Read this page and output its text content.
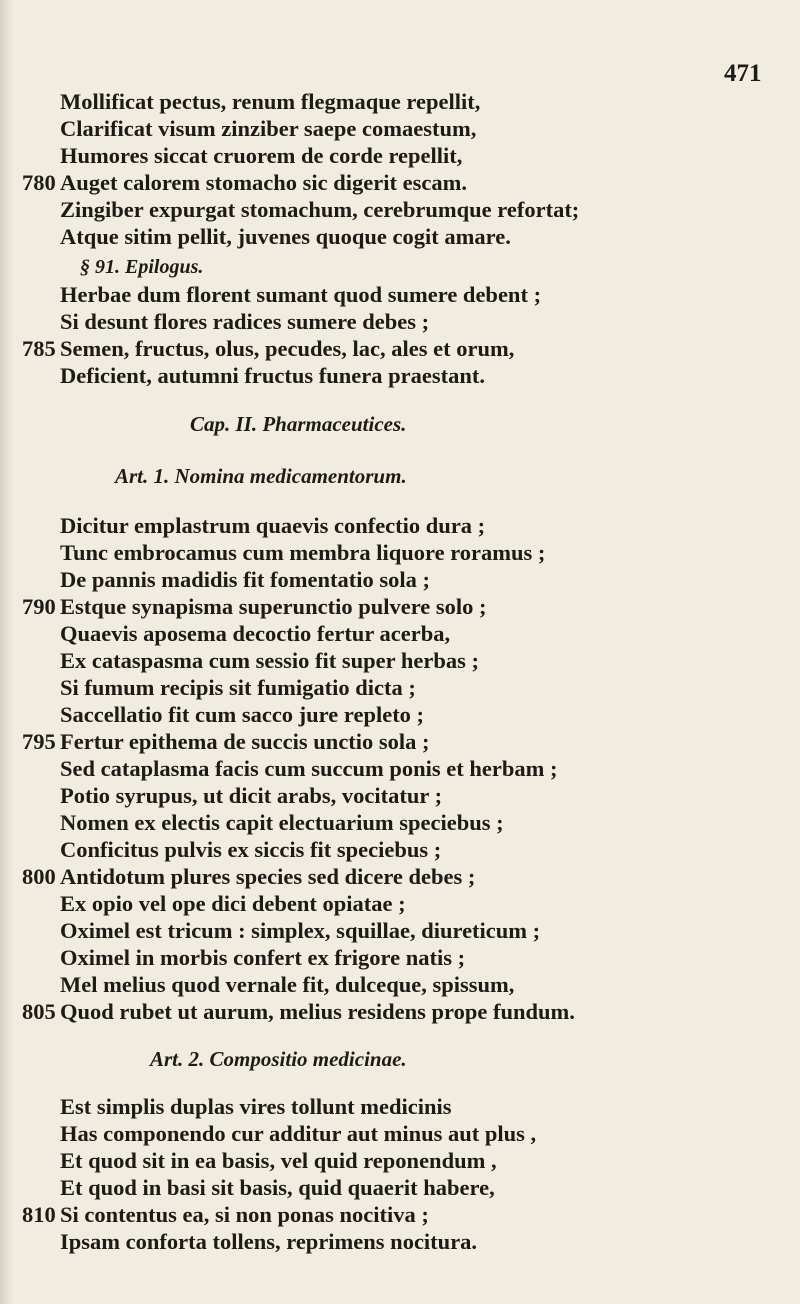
471
Mollificat pectus, renum flegmaque repellit,
Clarificat visum zinziber saepe comaestum,
Humores siccat cruorem de corde repellit,
780 Auget calorem stomacho sic digerit escam.
Zingiber expurgat stomachum, cerebrumque refortat;
Atque sitim pellit, juvenes quoque cogit amare.
§ 91. Epilogus.
Herbae dum florent sumant quod sumere debent ;
Si desunt flores radices sumere debes ;
785 Semen, fructus, olus, pecudes, lac, ales et orum,
Deficient, autumni fructus funera praestant.
Cap. II. Pharmaceutices.
Art. 1. Nomina medicamentorum.
Dicitur emplastrum quaevis confectio dura ;
Tunc embrocamus cum membra liquore roramus ;
De pannis madidis fit fomentatio sola ;
790 Estque synapisma superunctio pulvere solo ;
Quaevis aposema decoctio fertur acerba,
Ex cataspasma cum sessio fit super herbas ;
Si fumum recipis sit fumigatio dicta ;
Saccellatio fit cum sacco jure repleto ;
795 Fertur epithema de succis unctio sola ;
Sed cataplasma facis cum succum ponis et herbam ;
Potio syrupus, ut dicit arabs, vocitatur ;
Nomen ex electis capit electuarium speciebus ;
Conficitus pulvis ex siccis fit speciebus ;
800 Antidotum plures species sed dicere debes ;
Ex opio vel ope dici debent opiatae ;
Oximel est tricum : simplex, squillae, diureticum ;
Oximel in morbis confert ex frigore natis ;
Mel melius quod vernale fit, dulceque, spissum,
805 Quod rubet ut aurum, melius residens prope fundum.
Art. 2. Compositio medicinae.
Est simplis duplas vires tollunt medicinis
Has componendo cur additur aut minus aut plus ,
Et quod sit in ea basis, vel quid reponendum ,
Et quod in basi sit basis, quid quaerit habere,
810 Si contentus ea, si non ponas nocitiva ;
Ipsam conforta tollens, reprimens nocitura.
